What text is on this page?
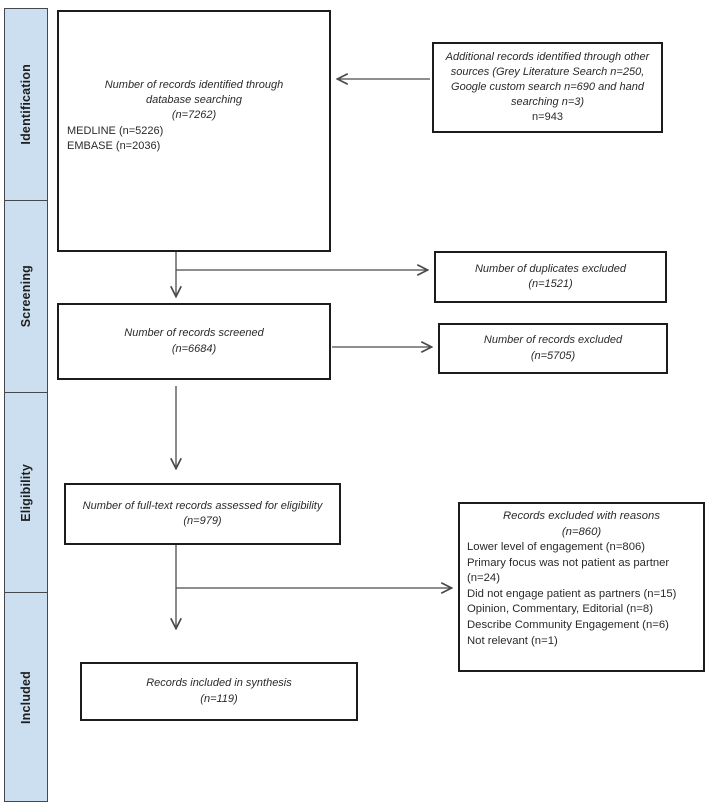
Identification
Screening
Eligibility
Included
Number of records identified through database searching
(n=7262)
MEDLINE (n=5226)
EMBASE (n=2036)
Additional records identified through other sources (Grey Literature Search n=250, Google custom search n=690 and hand searching n=3)
n=943
Number of duplicates excluded
(n=1521)
Number of records screened
(n=6684)
Number of records excluded
(n=5705)
Number of full-text records assessed for eligibility
(n=979)	Records excluded with reasons
(n=860)
Lower level of engagement (n=806)
Primary focus was not patient as partner (n=24)
Did not engage patient as partners (n=15)
Opinion, Commentary, Editorial (n=8)
Describe Community Engagement (n=6)
Not relevant (n=1)
Records included in synthesis
(n=119)
